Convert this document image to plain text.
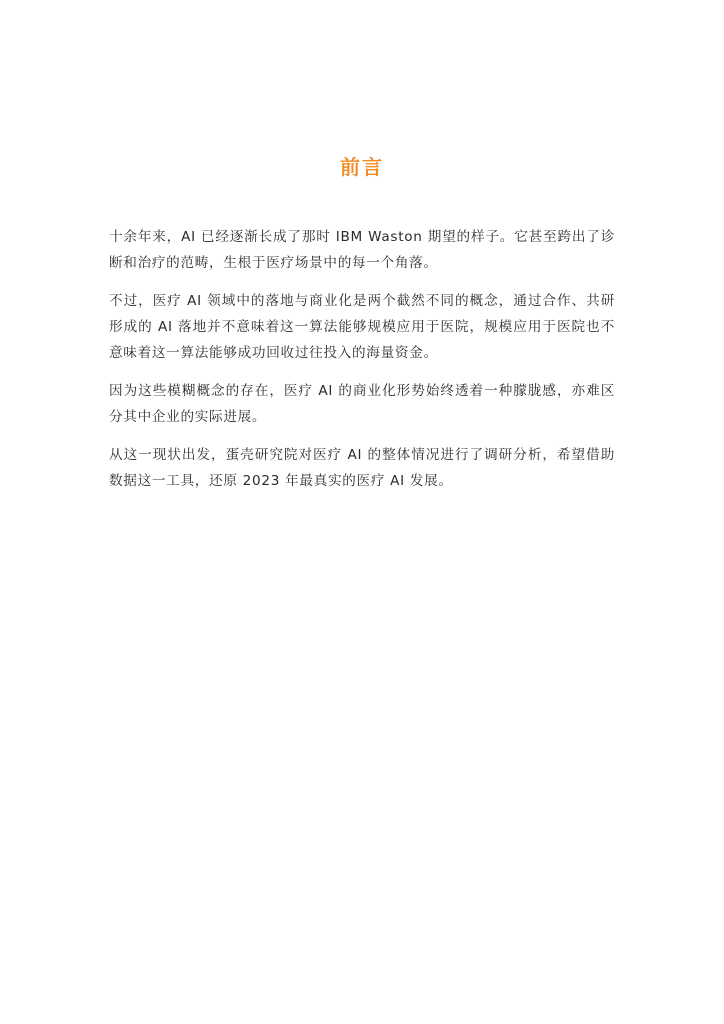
前言

十余年来，AI 已经逐渐长成了那时 IBM Waston 期望的样子。它甚至跨出了诊断和治疗的范畴，生根于医疗场景中的每一个角落。

不过，医疗 AI 领域中的落地与商业化是两个截然不同的概念，通过合作、共研形成的 AI 落地并不意味着这一算法能够规模应用于医院，规模应用于医院也不意味着这一算法能够成功回收过往投入的海量资金。

因为这些模糊概念的存在，医疗 AI 的商业化形势始终透着一种朦胧感，亦难区分其中企业的实际进展。

从这一现状出发，蛋壳研究院对医疗 AI 的整体情况进行了调研分析，希望借助数据这一工具，还原 2023 年最真实的医疗 AI 发展。
